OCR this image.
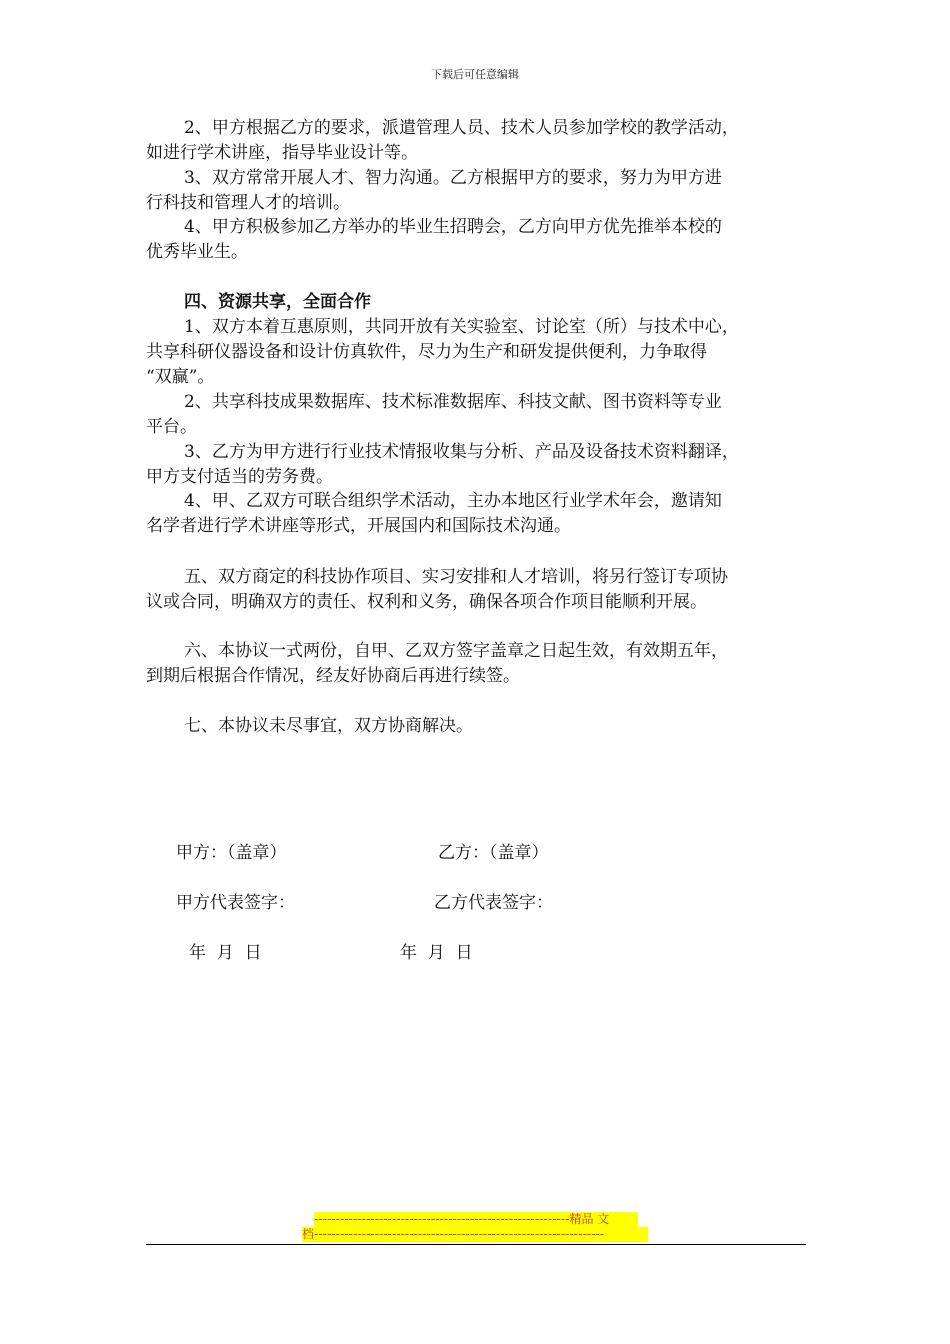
下载后可任意编辑
2、甲方根据乙方的要求，派遣管理人员、技术人员参加学校的教学活动，
如进行学术讲座，指导毕业设计等。
3、双方常常开展人才、智力沟通。乙方根据甲方的要求，努力为甲方进
行科技和管理人才的培训。
4、甲方积极参加乙方举办的毕业生招聘会，乙方向甲方优先推举本校的
优秀毕业生。
四、资源共享，全面合作
1、双方本着互惠原则，共同开放有关实验室、讨论室（所）与技术中心，
共享科研仪器设备和设计仿真软件，尽力为生产和研发提供便利，力争取得
“双赢”。
2、共享科技成果数据库、技术标准数据库、科技文献、图书资料等专业
平台。
3、乙方为甲方进行行业技术情报收集与分析、产品及设备技术资料翻译，
甲方支付适当的劳务费。
4、甲、乙双方可联合组织学术活动，主办本地区行业学术年会，邀请知
名学者进行学术讲座等形式，开展国内和国际技术沟通。
五、双方商定的科技协作项目、实习安排和人才培训，将另行签订专项协
议或合同，明确双方的责任、权利和义务，确保各项合作项目能顺利开展。
六、本协议一式两份，自甲、乙双方签字盖章之日起生效，有效期五年，
到期后根据合作情况，经友好协商后再进行续签。
七、本协议未尽事宜，双方协商解决。
甲方：（盖章）	乙方：（盖章）
甲方代表签字：	乙方代表签字：
年  月  日	年  月  日
-----------------------------------------------------------精品 文
档-------------------------------------------------------------------
